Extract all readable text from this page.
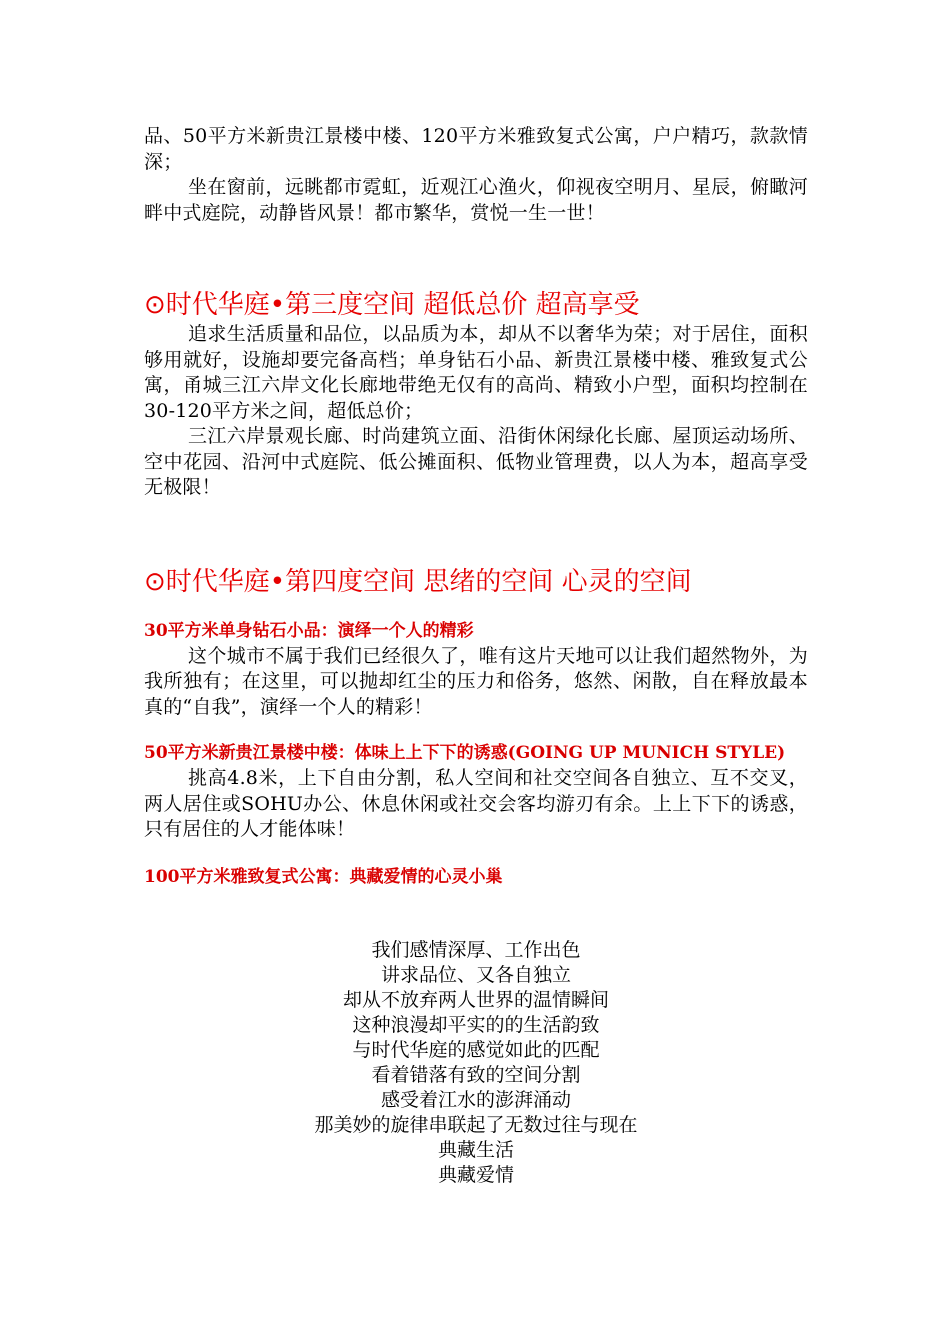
品、50平方米新贵江景楼中楼、120平方米雅致复式公寓，户户精巧，款款情深；

坐在窗前，远眺都市霓虹，近观江心渔火，仰视夜空明月、星辰，俯瞰河畔中式庭院，动静皆风景！都市繁华，赏悦一生一世！

⊙时代华庭•第三度空间 超低总价 超高享受

追求生活质量和品位，以品质为本，却从不以奢华为荣；对于居住，面积够用就好，设施却要完备高档；单身钻石小品、新贵江景楼中楼、雅致复式公寓，甬城三江六岸文化长廊地带绝无仅有的高尚、精致小户型，面积均控制在30-120平方米之间，超低总价；

三江六岸景观长廊、时尚建筑立面、沿街休闲绿化长廊、屋顶运动场所、空中花园、沿河中式庭院、低公摊面积、低物业管理费，以人为本，超高享受无极限！

⊙时代华庭•第四度空间 思绪的空间 心灵的空间

30平方米单身钻石小品：演绎一个人的精彩

这个城市不属于我们已经很久了，唯有这片天地可以让我们超然物外，为我所独有；在这里，可以抛却红尘的压力和俗务，悠然、闲散，自在释放最本真的“自我”，演绎一个人的精彩！

50平方米新贵江景楼中楼：体味上上下下的诱惑(GOING UP MUNICH STYLE)

挑高4.8米，上下自由分割，私人空间和社交空间各自独立、互不交叉，两人居住或SOHU办公、休息休闲或社交会客均游刃有余。上上下下的诱惑，只有居住的人才能体味！

100平方米雅致复式公寓：典藏爱情的心灵小巢

我们感情深厚、工作出色

讲求品位、又各自独立

却从不放弃两人世界的温情瞬间

这种浪漫却平实的的生活韵致

与时代华庭的感觉如此的匹配

看着错落有致的空间分割

感受着江水的澎湃涌动

那美妙的旋律串联起了无数过往与现在

典藏生活

典藏爱情
